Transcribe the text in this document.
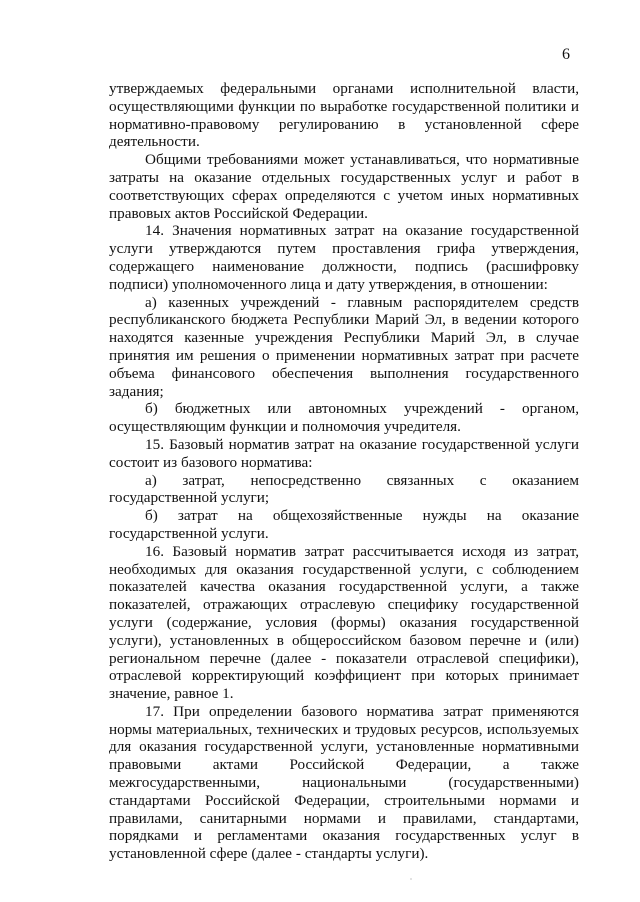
6

утверждаемых федеральными органами исполнительной власти, осуществляющими функции по выработке государственной политики и нормативно-правовому регулированию в установленной сфере деятельности.

Общими требованиями может устанавливаться, что нормативные затраты на оказание отдельных государственных услуг и работ в соответствующих сферах определяются с учетом иных нормативных правовых актов Российской Федерации.

14. Значения нормативных затрат на оказание государственной услуги утверждаются путем проставления грифа утверждения, содержащего наименование должности, подпись (расшифровку подписи) уполномоченного лица и дату утверждения, в отношении:

а) казенных учреждений - главным распорядителем средств республиканского бюджета Республики Марий Эл, в ведении которого находятся казенные учреждения Республики Марий Эл, в случае принятия им решения о применении нормативных затрат при расчете объема финансового обеспечения выполнения государственного задания;

б) бюджетных или автономных учреждений - органом, осуществляющим функции и полномочия учредителя.

15. Базовый норматив затрат на оказание государственной услуги состоит из базового норматива:

а) затрат, непосредственно связанных с оказанием государственной услуги;

б) затрат на общехозяйственные нужды на оказание государственной услуги.

16. Базовый норматив затрат рассчитывается исходя из затрат, необходимых для оказания государственной услуги, с соблюдением показателей качества оказания государственной услуги, а также показателей, отражающих отраслевую специфику государственной услуги (содержание, условия (формы) оказания государственной услуги), установленных в общероссийском базовом перечне и (или) региональном перечне (далее - показатели отраслевой специфики), отраслевой корректирующий коэффициент при которых принимает значение, равное 1.

17. При определении базового норматива затрат применяются нормы материальных, технических и трудовых ресурсов, используемых для оказания государственной услуги, установленные нормативными правовыми актами Российской Федерации, а также межгосударственными, национальными (государственными) стандартами Российской Федерации, строительными нормами и правилами, санитарными нормами и правилами, стандартами, порядками и регламентами оказания государственных услуг в установленной сфере (далее - стандарты услуги).
